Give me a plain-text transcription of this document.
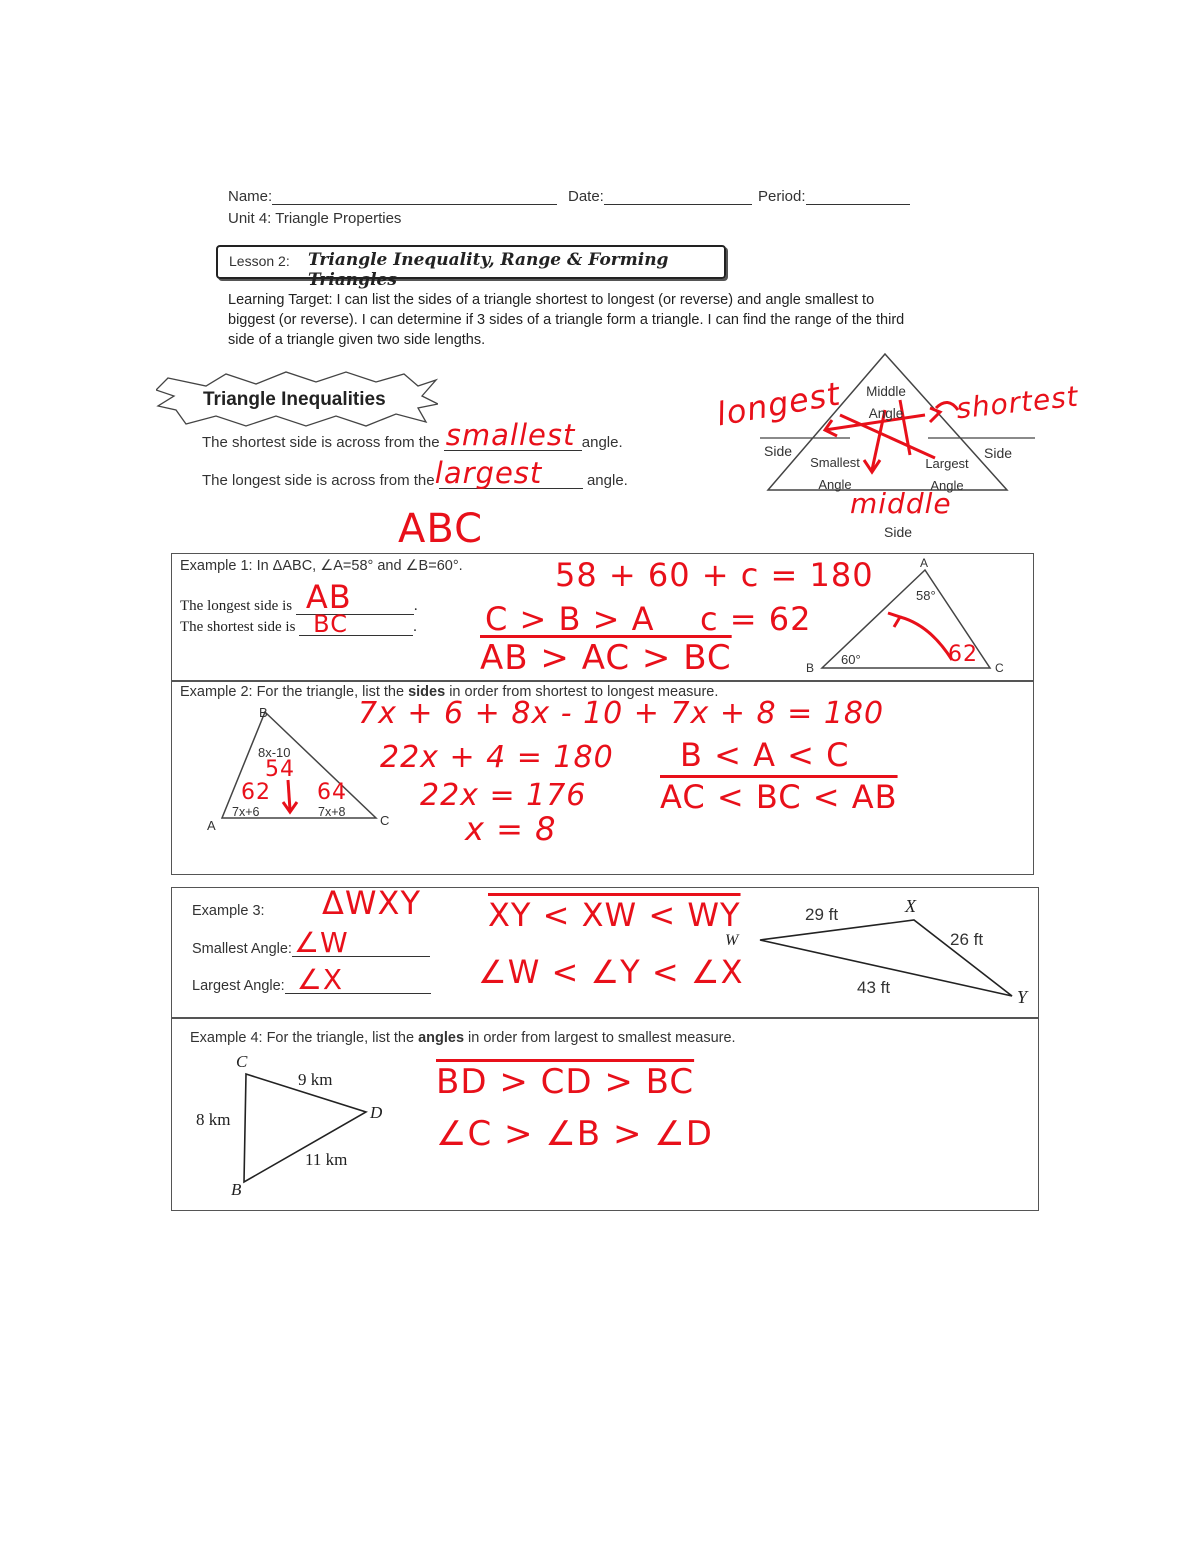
Name:	Date:	Period:
Unit 4: Triangle Properties
Lesson 2: Triangle Inequality, Range & Forming Triangles
Learning Target: I can list the sides of a triangle shortest to longest (or reverse) and angle smallest to
biggest (or reverse). I can determine if 3 sides of a triangle form a triangle. I can find the range of the third
side of a triangle given two side lengths.
Triangle Inequalities
The shortest side is across from the smallest angle.
The longest side is across from the largest	angle.
Middle
Angle
Side	Side
Smallest
Angle
Largest
Angle
Side
longest	shortest
middle
ABC
Example 1: In ΔABC, ∠A=58° and ∠B=60°.
The longest side is AB	.
The shortest side is BC	.
58 + 60 + c = 180
C > B > A c = 62
AB > AC > BC
A
B	C
58°
60°	62
Example 2: For the triangle, list the sides in order from shortest to longest measure.
B
A	C
8x-10
7x+6	7x+8
54
62 64
7x + 6 + 8x - 10 + 7x + 8 = 180
22x + 4 = 180
22x = 176
x = 8
B < A < C
AC < BC < AB
Example 3: ΔWXY
Smallest Angle: ∠W
Largest Angle: ∠X
XY < XW < WY
∠W < ∠Y < ∠X
29 ft
26 ft
43 ft
W
X
Y
Example 4: For the triangle, list the angles in order from largest to smallest measure.
C
B
D
9 km
8 km
11 km
BD > CD > BC
∠C > ∠B > ∠D
